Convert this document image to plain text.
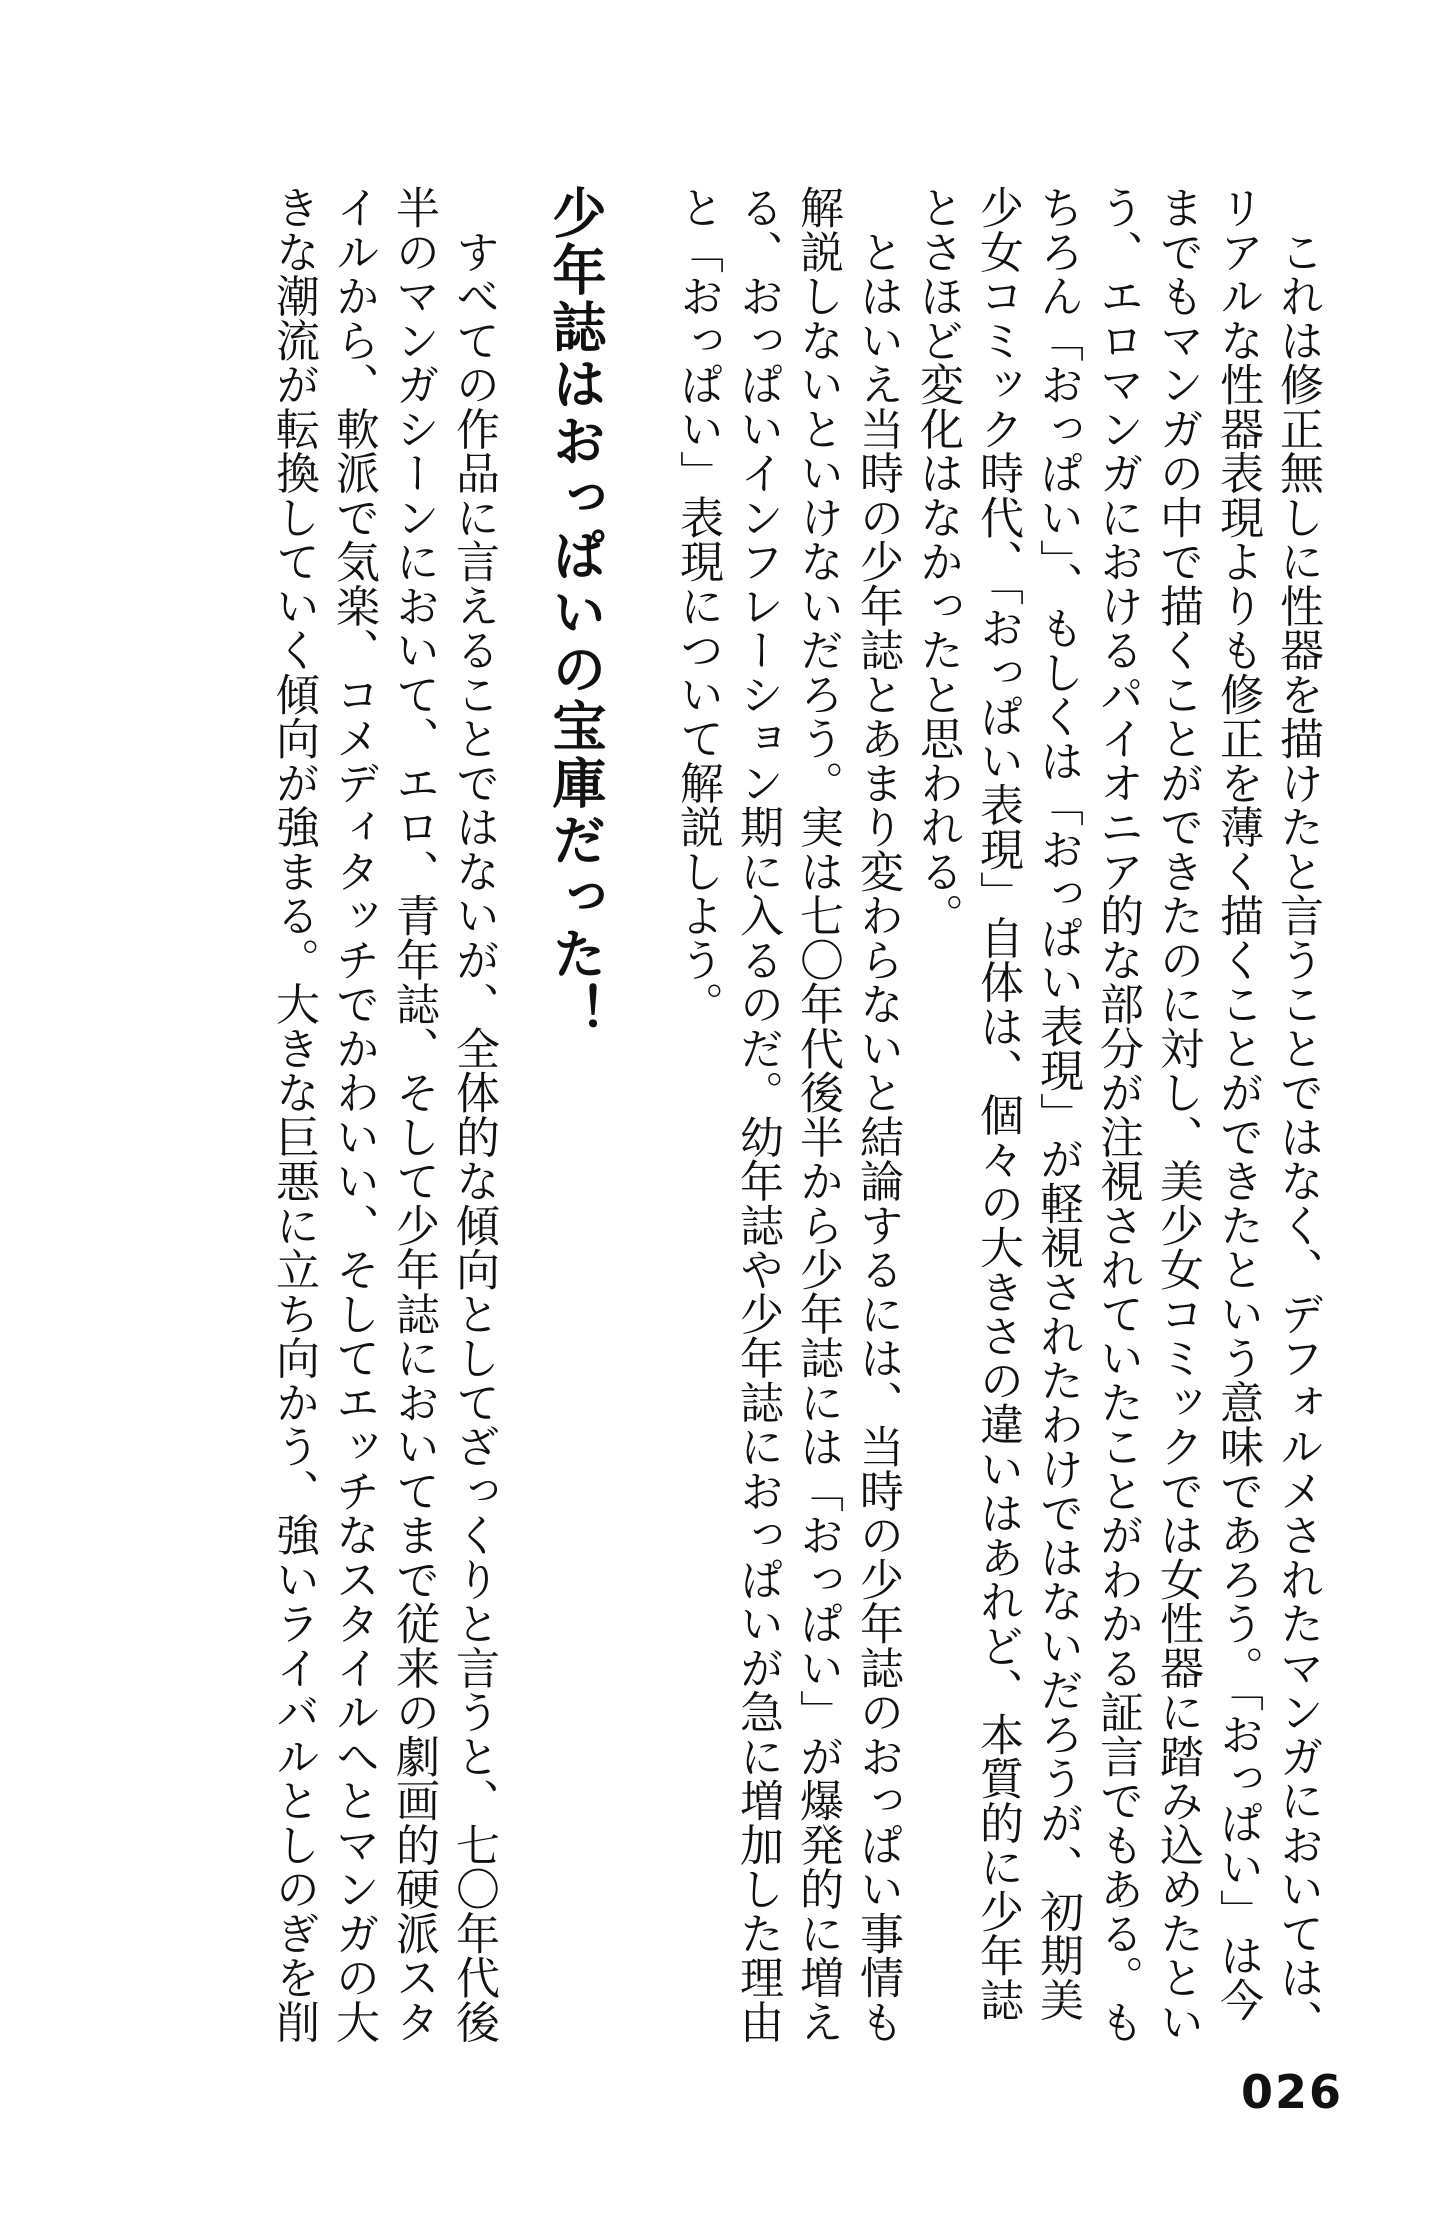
　これは修正無しに性器を描けたと言うことではなく、デフォルメされたマンガにおいては、

リアルな性器表現よりも修正を薄く描くことができたという意味であろう。「おっぱい」は今

までもマンガの中で描くことができたのに対し、美少女コミックでは女性器に踏み込めたとい

う、エロマンガにおけるパイオニア的な部分が注視されていたことがわかる証言でもある。も

ちろん「おっぱい」、もしくは「おっぱい表現」が軽視されたわけではないだろうが、初期美

少女コミック時代、「おっぱい表現」自体は、個々の大きさの違いはあれど、本質的に少年誌

とさほど変化はなかったと思われる。

　とはいえ当時の少年誌とあまり変わらないと結論するには、当時の少年誌のおっぱい事情も

解説しないといけないだろう。実は七〇年代後半から少年誌には「おっぱい」が爆発的に増え

る、おっぱいインフレーション期に入るのだ。幼年誌や少年誌におっぱいが急に増加した理由

と「おっぱい」表現について解説しよう。

少年誌はおっぱいの宝庫だった！

　すべての作品に言えることではないが、全体的な傾向としてざっくりと言うと、七〇年代後

半のマンガシーンにおいて、エロ、青年誌、そして少年誌においてまで従来の劇画的硬派スタ

イルから、軟派で気楽、コメディタッチでかわいい、そしてエッチなスタイルへとマンガの大

きな潮流が転換していく傾向が強まる。大きな巨悪に立ち向かう、強いライバルとしのぎを削

026
